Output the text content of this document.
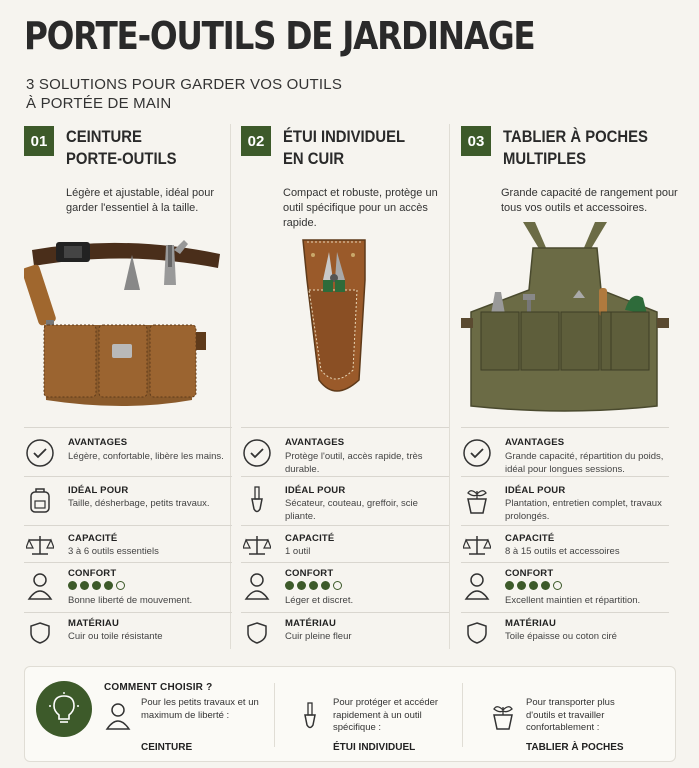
PORTE-OUTILS DE JARDINAGE
3 SOLUTIONS POUR GARDER VOS OUTILS
À PORTÉE DE MAIN
01	CEINTURE
PORTE-OUTILS
Légère et ajustable, idéal pour garder l'essentiel à la taille.
AVANTAGES
Légère, confortable, libère les mains.
IDÉAL POUR
Taille, désherbage, petits travaux.
CAPACITÉ
3 à 6 outils essentiels
CONFORT
Bonne liberté de mouvement.
MATÉRIAU
Cuir ou toile résistante
02	ÉTUI INDIVIDUEL
EN CUIR
Compact et robuste, protège un outil spécifique pour un accès rapide.
AVANTAGES
Protège l'outil, accès rapide, très durable.
IDÉAL POUR
Sécateur, couteau, greffoir, scie pliante.
CAPACITÉ
1 outil
CONFORT
Léger et discret.
MATÉRIAU
Cuir pleine fleur
03	TABLIER À POCHES
MULTIPLES
Grande capacité de rangement pour tous vos outils et accessoires.
AVANTAGES
Grande capacité, répartition du poids, idéal pour longues sessions.
IDÉAL POUR
Plantation, entretien complet, travaux prolongés.
CAPACITÉ
8 à 15 outils et accessoires
CONFORT
Excellent maintien et répartition.
MATÉRIAU
Toile épaisse ou coton ciré
COMMENT CHOISIR ?
Pour les petits travaux et un maximum de liberté :
CEINTURE
Pour protéger et accéder rapidement à un outil spécifique :
ÉTUI INDIVIDUEL
Pour transporter plus d'outils et travailler confortablement :
TABLIER À POCHES
